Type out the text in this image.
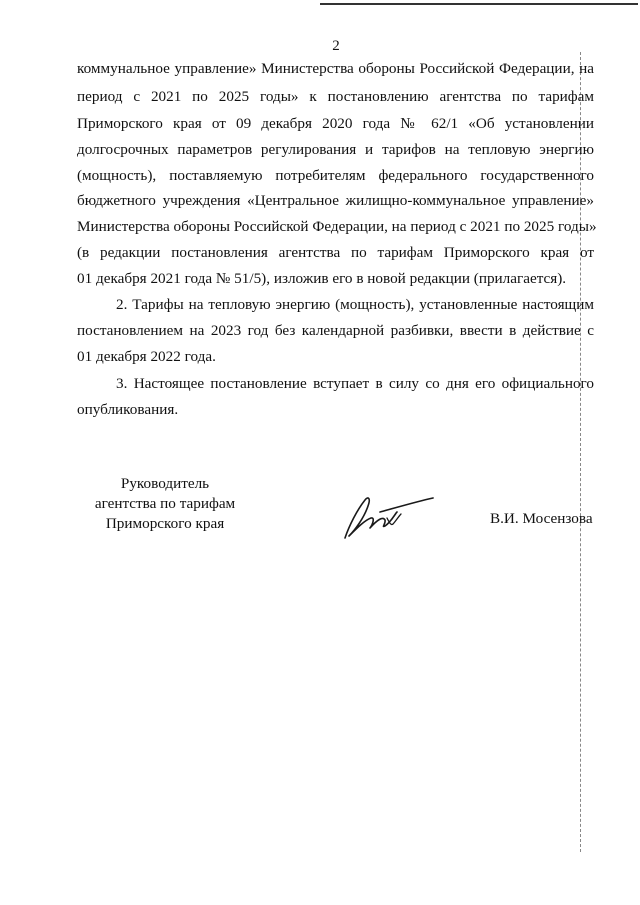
2
коммунальное управление» Министерства обороны Российской Федерации, на
период с 2021 по 2025 годы» к постановлению агентства по тарифам
Приморского края от 09 декабря 2020 года № 62/1 «Об установлении
долгосрочных параметров регулирования и тарифов на тепловую энергию
(мощность), поставляемую потребителям федерального государственного
бюджетного учреждения «Центральное жилищно-коммунальное управление»
Министерства обороны Российской Федерации, на период с 2021 по 2025 годы»
(в редакции постановления агентства по тарифам Приморского края от
01 декабря 2021 года № 51/5), изложив его в новой редакции (прилагается).
2. Тарифы на тепловую энергию (мощность), установленные настоящим
постановлением на 2023 год без календарной разбивки, ввести в действие с
01 декабря 2022 года.
3. Настоящее постановление вступает в силу со дня его официального
опубликования.
Руководитель
агентства по тарифам
Приморского края	В.И. Мосензова
